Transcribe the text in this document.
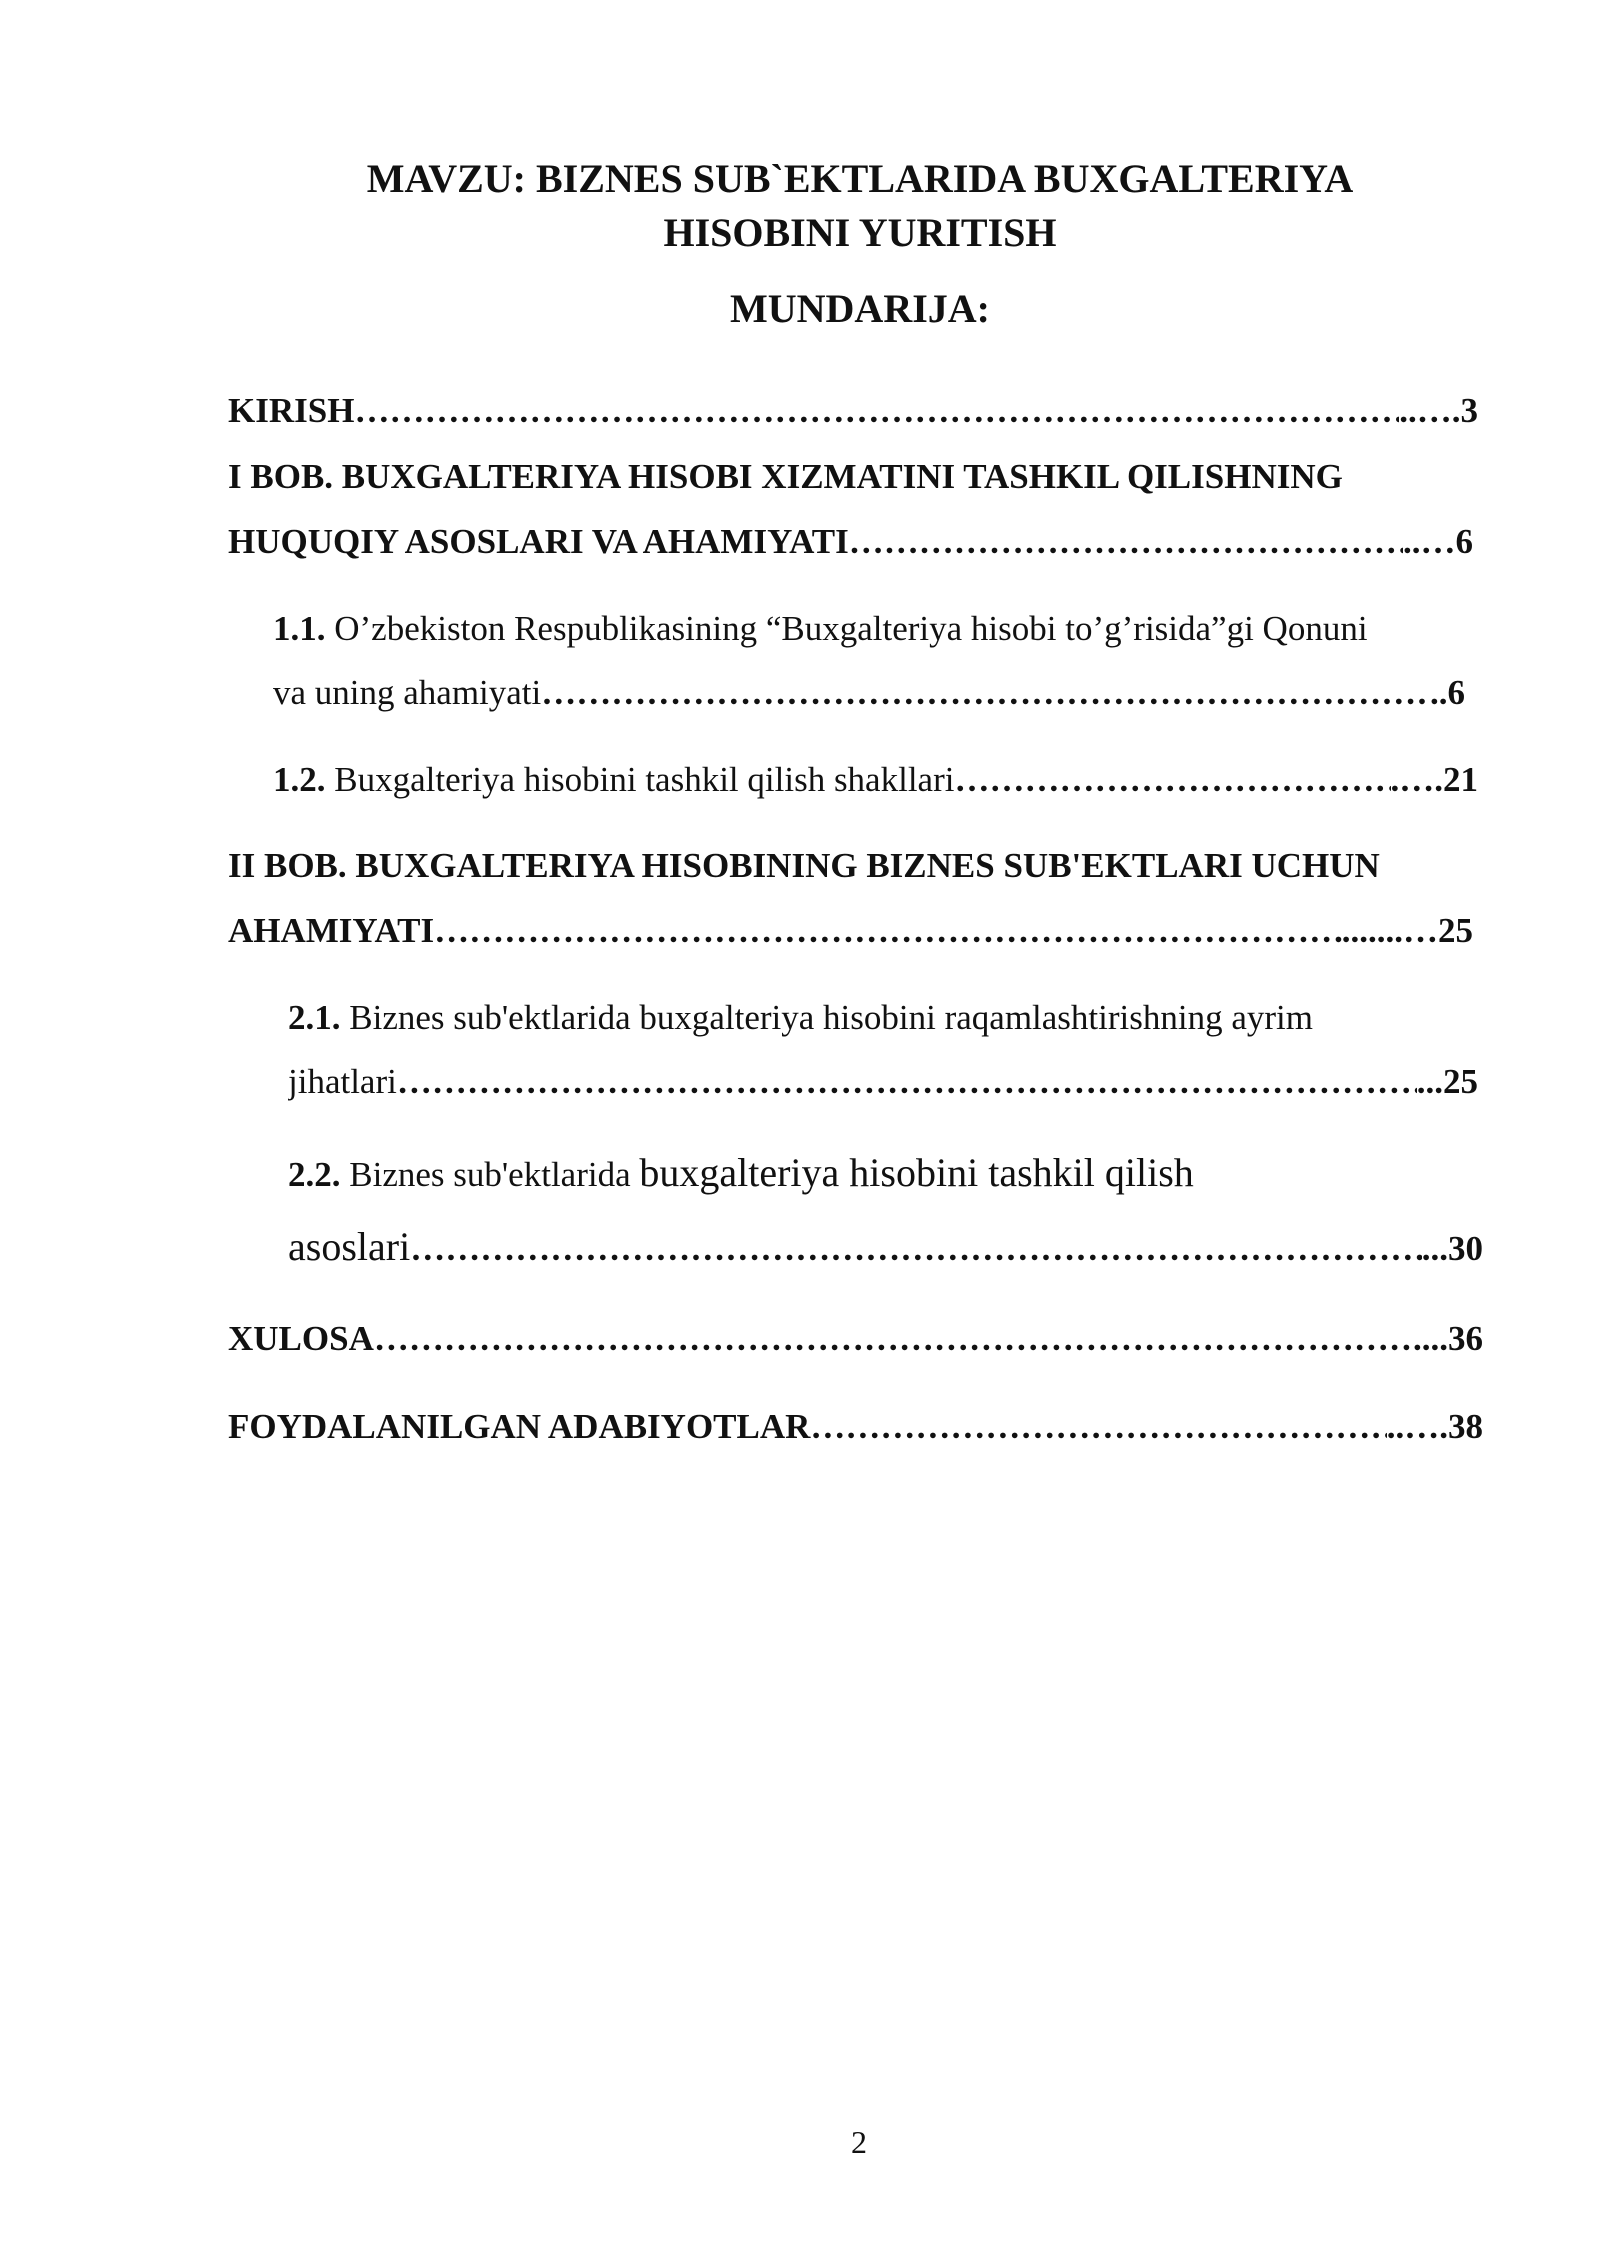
MAVZU: BIZNES SUB`EKTLARIDA BUXGALTERIYA
HISOBINI YURITISH
MUNDARIJA:
KIRISH ………………………………………………………………………………………………………………………………………………………………………………………………………	..….3
I BOB. BUXGALTERIYA HISOBI XIZMATINI TASHKIL QILISHNING
HUQUQIY ASOSLARI VA AHAMIYATI ………………………………………………………………………………………………………………………………………………………………………………………………………	..…6
1.1. O’zbekiston Respublikasining “Buxgalteriya hisobi to’g’risida”gi Qonuni
va uning ahamiyati ………………………………………………………………………………………………………………………………………………………………………………………………………	..6
1.2.
Buxgalteriya hisobini tashkil qilish shakllari ………………………………………………………………………………………………………………………………………………………………………………………………………	.….21
II BOB. BUXGALTERIYA HISOBINING BIZNES SUB'EKTLARI UCHUN
AHAMIYATI ………………………………………………………………………………………………………………………………………………………………………………………………………	.......…25
2.1. Biznes sub'ektlarida buxgalteriya hisobini raqamlashtirishning ayrim
jihatlari ………………………………………………………………………………………………………………………………………………………………………………………………………	...25
2.2. Biznes sub'ektlarida buxgalteriya hisobini tashkil qilish
asoslari ………………………………………………………………………………………………………………………………………………………………………………………………………	...30
XULOSA ………………………………………………………………………………………………………………………………………………………………………………………………………	....36
FOYDALANILGAN ADABIYOTLAR ………………………………………………………………………………………………………………………………………………………………………………………………………	..….38
2
